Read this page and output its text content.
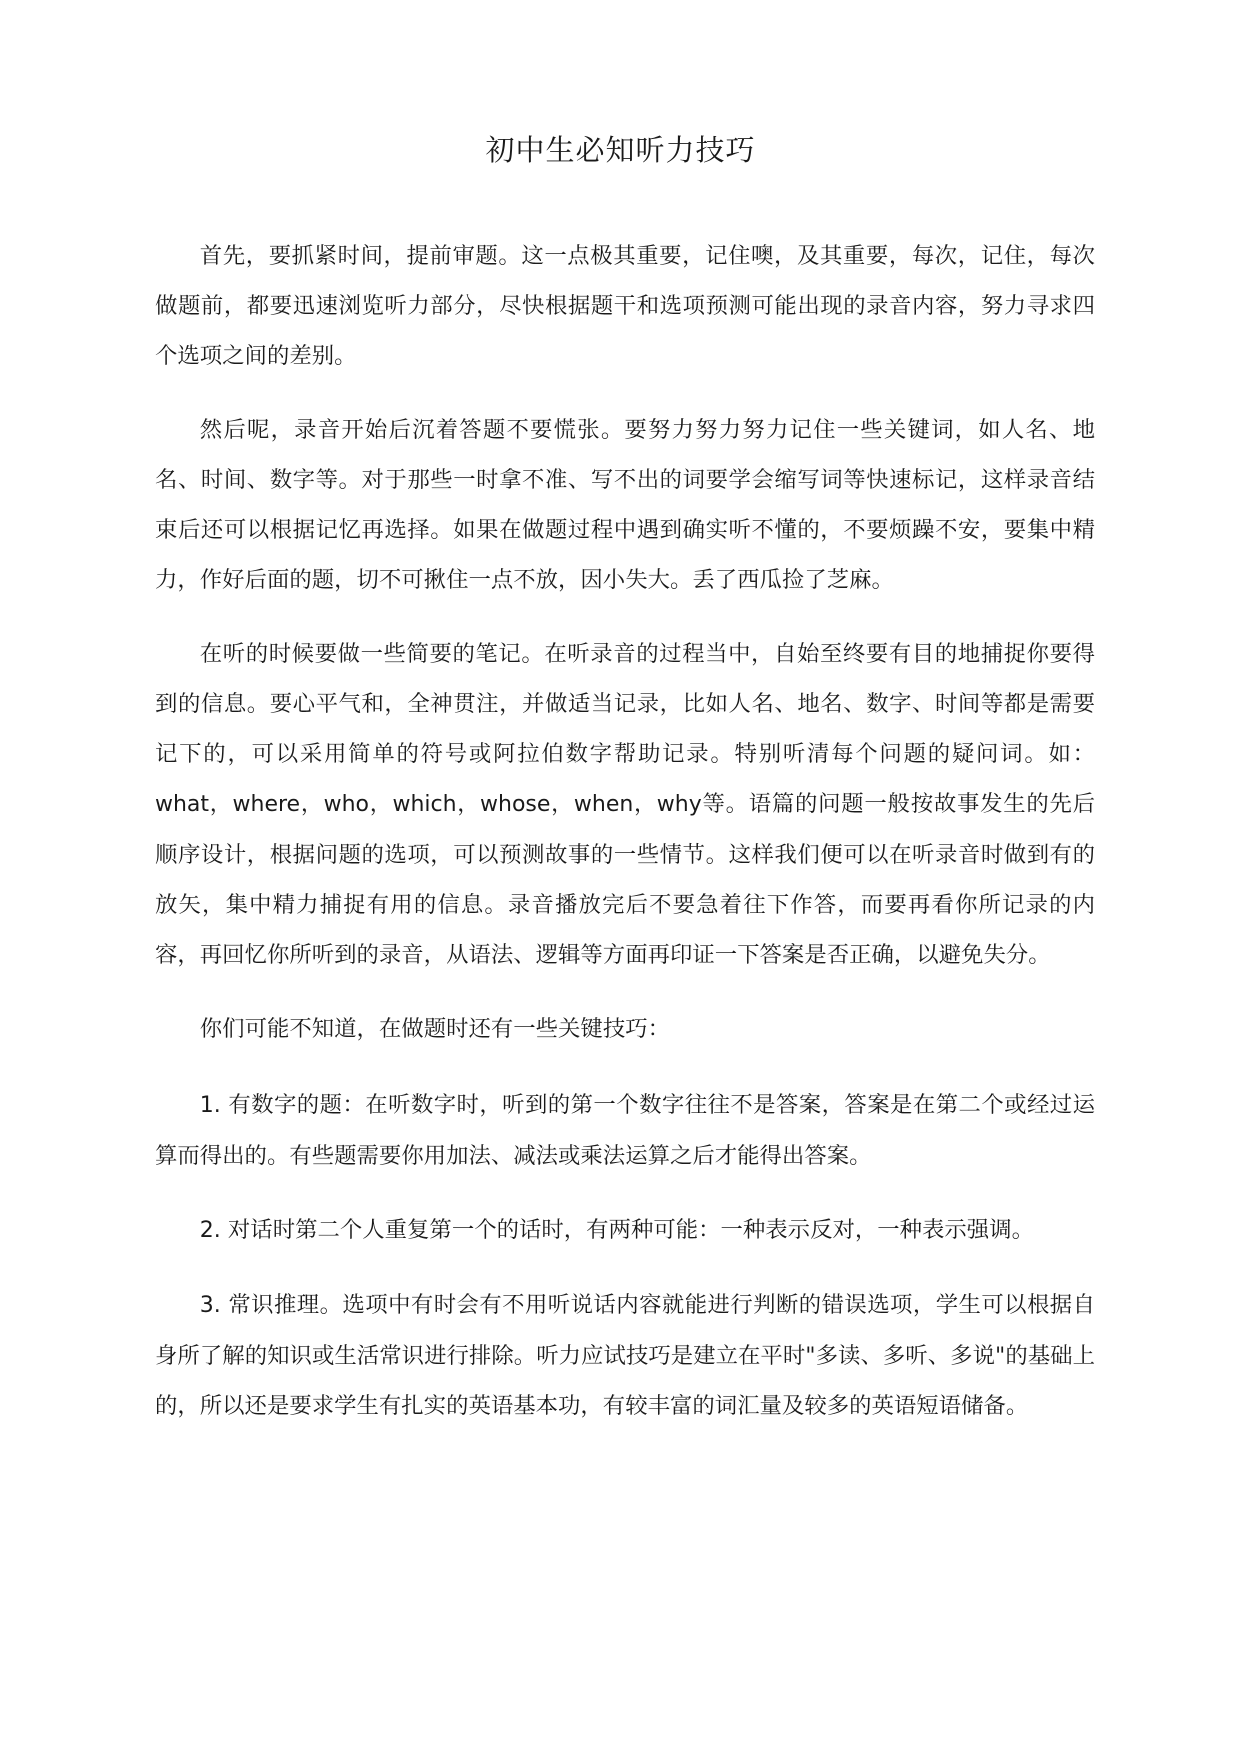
初中生必知听力技巧

首先，要抓紧时间，提前审题。这一点极其重要，记住噢，及其重要，每次，记住，每次做题前，都要迅速浏览听力部分，尽快根据题干和选项预测可能出现的录音内容，努力寻求四个选项之间的差别。

然后呢，录音开始后沉着答题不要慌张。要努力努力努力记住一些关键词，如人名、地名、时间、数字等。对于那些一时拿不准、写不出的词要学会缩写词等快速标记，这样录音结束后还可以根据记忆再选择。如果在做题过程中遇到确实听不懂的，不要烦躁不安，要集中精力，作好后面的题，切不可揪住一点不放，因小失大。丢了西瓜捡了芝麻。

在听的时候要做一些简要的笔记。在听录音的过程当中，自始至终要有目的地捕捉你要得到的信息。要心平气和，全神贯注，并做适当记录，比如人名、地名、数字、时间等都是需要记下的，可以采用简单的符号或阿拉伯数字帮助记录。特别听清每个问题的疑问词。如：what，where，who，which，whose，when，why等。语篇的问题一般按故事发生的先后顺序设计，根据问题的选项，可以预测故事的一些情节。这样我们便可以在听录音时做到有的放矢，集中精力捕捉有用的信息。录音播放完后不要急着往下作答，而要再看你所记录的内容，再回忆你所听到的录音，从语法、逻辑等方面再印证一下答案是否正确，以避免失分。

你们可能不知道，在做题时还有一些关键技巧：

1. 有数字的题：在听数字时，听到的第一个数字往往不是答案，答案是在第二个或经过运算而得出的。有些题需要你用加法、减法或乘法运算之后才能得出答案。

2. 对话时第二个人重复第一个的话时，有两种可能：一种表示反对，一种表示强调。

3. 常识推理。选项中有时会有不用听说话内容就能进行判断的错误选项，学生可以根据自身所了解的知识或生活常识进行排除。听力应试技巧是建立在平时"多读、多听、多说"的基础上的，所以还是要求学生有扎实的英语基本功，有较丰富的词汇量及较多的英语短语储备。
